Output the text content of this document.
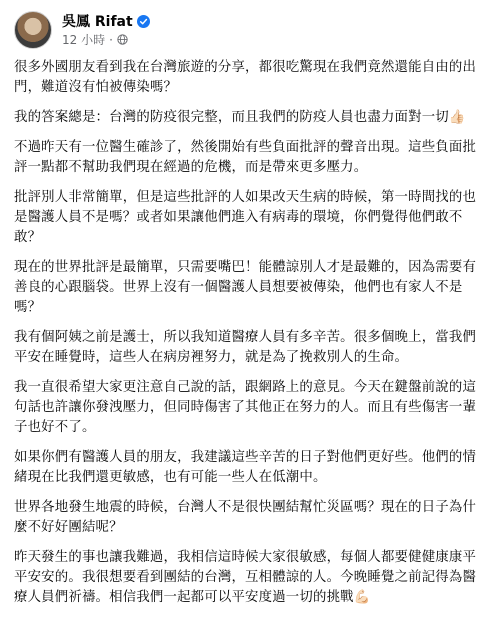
吳鳳 Rifat
12 小時 ·

很多外國朋友看到我在台灣旅遊的分享，都很吃驚現在我們竟然還能自由的出門，難道沒有怕被傳染嗎？

我的答案總是：台灣的防疫很完整，而且我們的防疫人員也盡力面對一切👍🏻

不過昨天有一位醫生確診了，然後開始有些負面批評的聲音出現。這些負面批評一點都不幫助我們現在經過的危機，而是帶來更多壓力。

批評別人非常簡單，但是這些批評的人如果改天生病的時候，第一時間找的也是醫護人員不是嗎？或者如果讓他們進入有病毒的環境，你們覺得他們敢不敢？

現在的世界批評是最簡單，只需要嘴巴！能體諒別人才是最難的，因為需要有善良的心跟腦袋。世界上沒有一個醫護人員想要被傳染，他們也有家人不是嗎？

我有個阿姨之前是護士，所以我知道醫療人員有多辛苦。很多個晚上，當我們平安在睡覺時，這些人在病房裡努力，就是為了挽救別人的生命。

我一直很希望大家更注意自己說的話，跟網路上的意見。今天在鍵盤前說的這句話也許讓你發洩壓力，但同時傷害了其他正在努力的人。而且有些傷害一輩子也好不了。

如果你們有醫護人員的朋友，我建議這些辛苦的日子對他們更好些。他們的情緒現在比我們還更敏感，也有可能一些人在低潮中。

世界各地發生地震的時候，台灣人不是很快團結幫忙災區嗎？現在的日子為什麼不好好團結呢？

昨天發生的事也讓我難過，我相信這時候大家很敏感，每個人都要健健康康平平安安的。我很想要看到團結的台灣，互相體諒的人。今晚睡覺之前記得為醫療人員們祈禱。相信我們一起都可以平安度過一切的挑戰💪🏻
